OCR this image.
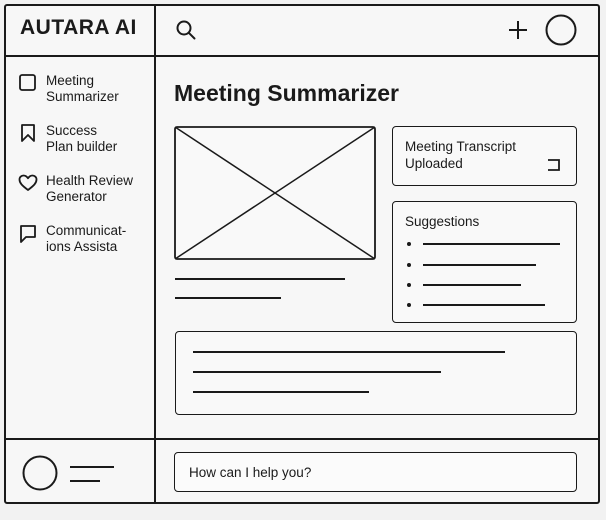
AUTARA AI
Meeting
Summarizer
Success
Plan builder
Health Review
Generator
Communicat-
ions Assista
Meeting Summarizer
Meeting Transcript
Uploaded
Suggestions
How can I help you?
